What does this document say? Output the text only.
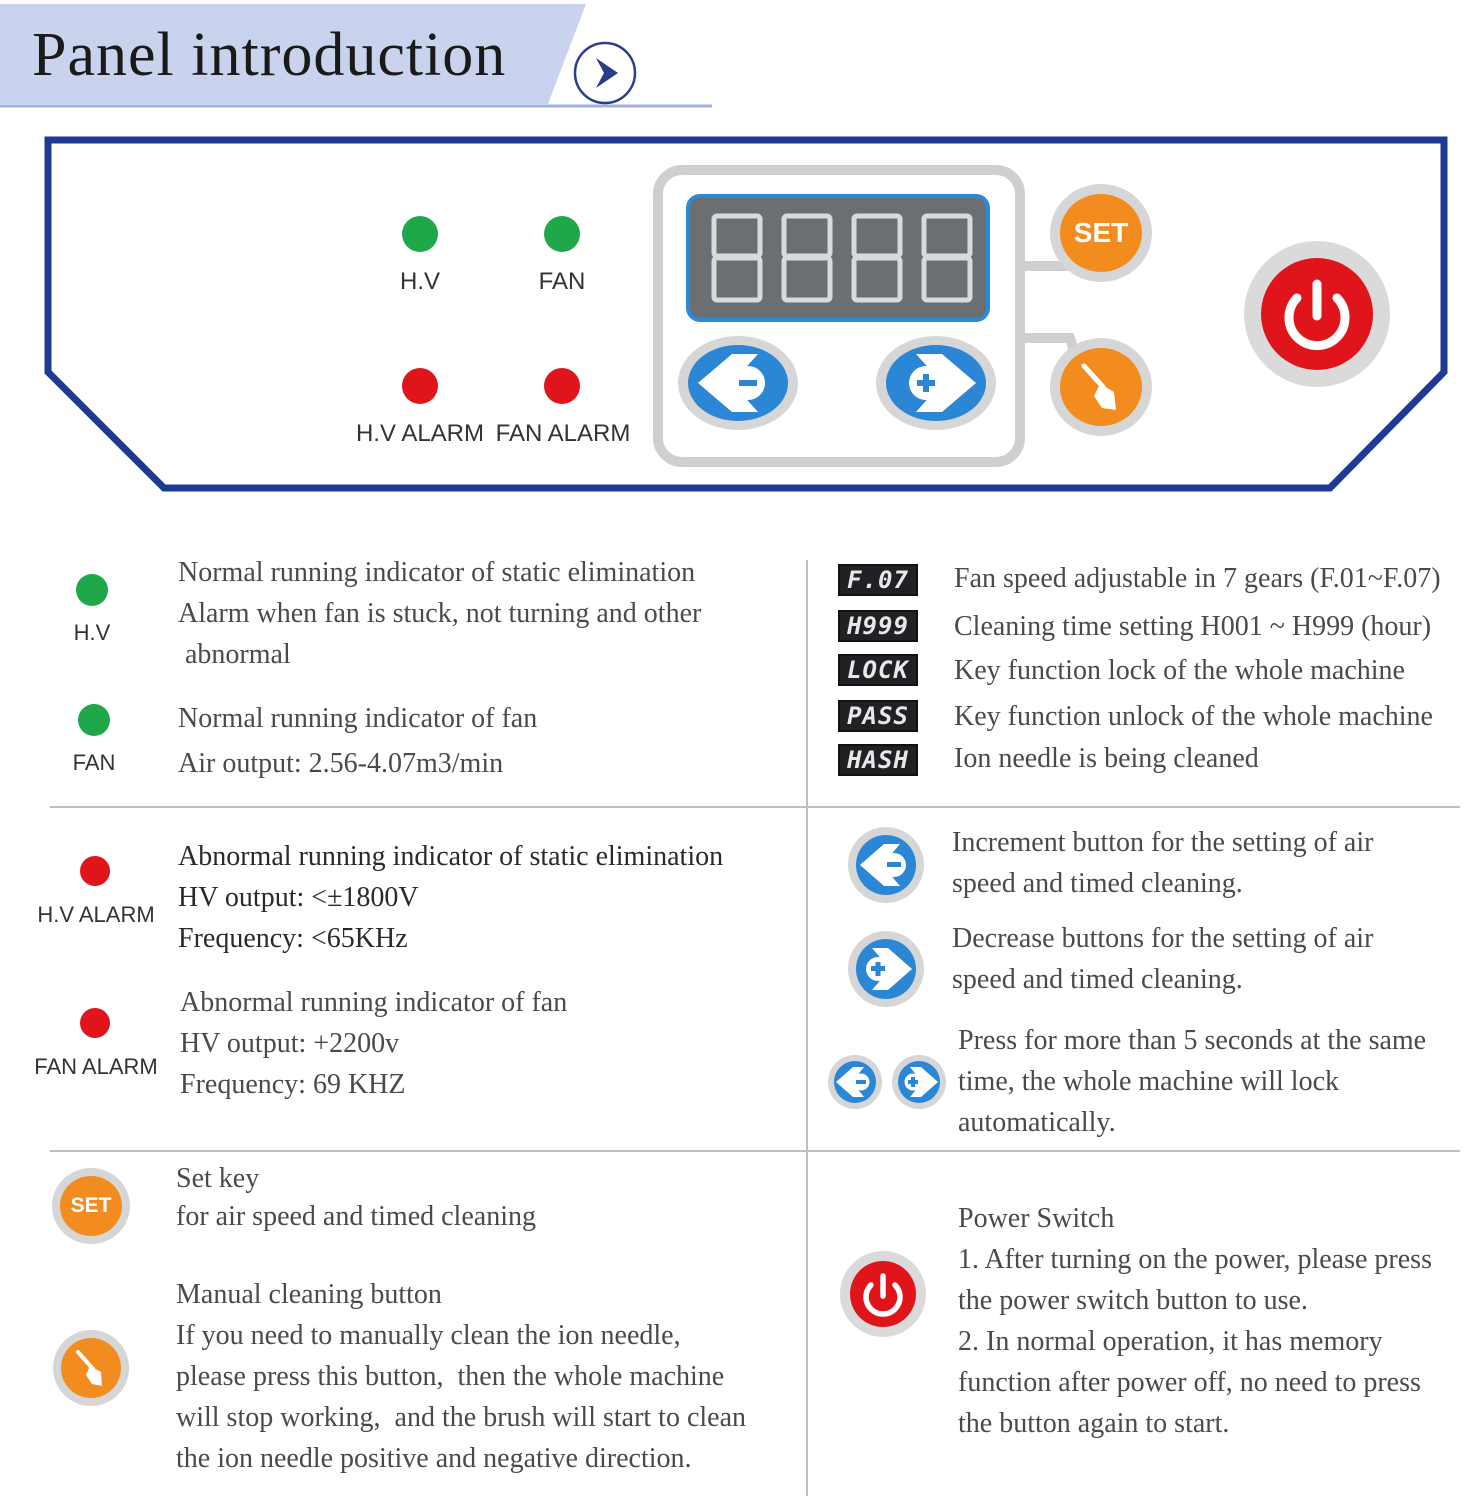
Panel introduction
H.V	FAN
H.V ALARM FAN ALARM
SET
H.V
Normal running indicator of static elimination
Alarm when fan is stuck, not turning and other
abnormal
FAN
Normal running indicator of fan
Air output: 2.56-4.07m3/min
H.V ALARM
Abnormal running indicator of static elimination
HV output: <±1800V
Frequency: <65KHz
FAN ALARM
Abnormal running indicator of fan
HV output: +2200v
Frequency: 69 KHZ
F.07	Fan speed adjustable in 7 gears (F.01~F.07)
H999	Cleaning time setting H001 ~ H999 (hour)
LOCK	Key function lock of the whole machine
PASS	Key function unlock of the whole machine
HASH	Ion needle is being cleaned
Increment button for the setting of air
speed and timed cleaning.
Decrease buttons for the setting of air
speed and timed cleaning.
Press for more than 5 seconds at the same
time, the whole machine will lock
automatically.
SET
Set key
for air speed and timed cleaning
Manual cleaning button
If you need to manually clean the ion needle,
please press this button,  then the whole machine
will stop working,  and the brush will start to clean
the ion needle positive and negative direction.
Power Switch
1. After turning on the power, please press
the power switch button to use.
2. In normal operation, it has memory
function after power off, no need to press
the button again to start.
